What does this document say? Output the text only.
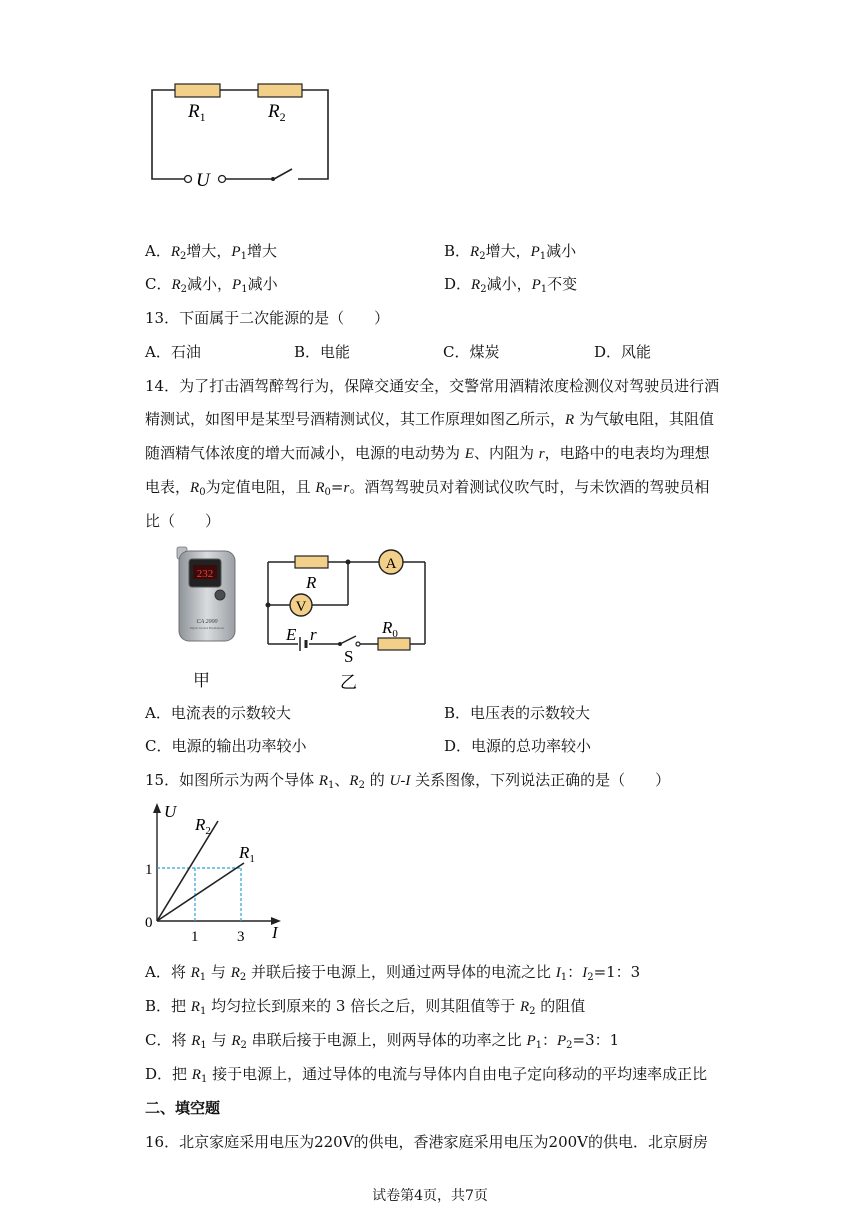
$R_1$	$R_2$
U
A．$R_2$增大，$P_1$增大	B．$R_2$增大，$P_1$减小
C．$R_2$减小，$P_1$减小	D．$R_2$减小，$P_1$不变
13．下面属于二次能源的是（　　）
A．石油	B．电能	C．煤炭	D．风能
14．为了打击酒驾醉驾行为，保障交通安全，交警常用酒精浓度检测仪对驾驶员进行酒
精测试，如图甲是某型号酒精测试仪，其工作原理如图乙所示，R 为气敏电阻，其阻值
随酒精气体浓度的增大而减小，电源的电动势为 E、内阻为 r，电路中的电表均为理想
电表，$R_0$为定值电阻，且 $R_0=r$。酒驾驾驶员对着测试仪吹气时，与未饮酒的驾驶员相
比（　　）
232
CA 2000
Digital Alcohol Breathalyzer
甲
A
V
R
E r
S
$R_0$
乙
A．电流表的示数较大	B．电压表的示数较大
C．电源的输出功率较小	D．电源的总功率较小
15．如图所示为两个导体 $R_1$、$R_2$ 的 U-I 关系图像，下列说法正确的是（　　）
U
I
0
1
1	3
$R_2$
$R_1$
A．将 $R_1$ 与 $R_2$ 并联后接于电源上，则通过两导体的电流之比 $I_1$：$I_2=1$：3
B．把 $R_1$ 均匀拉长到原来的 3 倍长之后，则其阻值等于 $R_2$ 的阻值
C．将 $R_1$ 与 $R_2$ 串联后接于电源上，则两导体的功率之比 $P_1$：$P_2=3$：1
D．把 $R_1$ 接于电源上，通过导体的电流与导体内自由电子定向移动的平均速率成正比
二、填空题
16．北京家庭采用电压为220V的供电，香港家庭采用电压为200V的供电．北京厨房
试卷第4页，共7页
